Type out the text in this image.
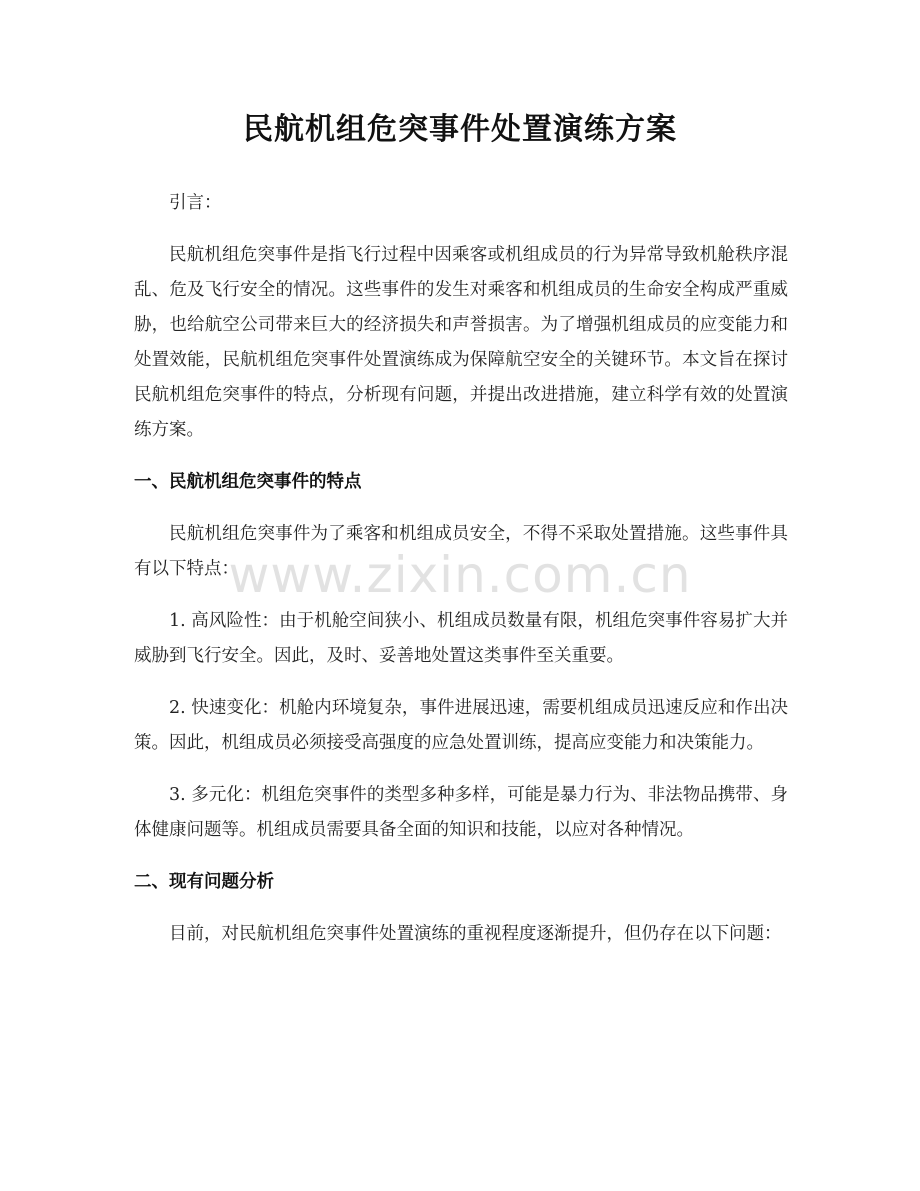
民航机组危突事件处置演练方案

引言：

民航机组危突事件是指飞行过程中因乘客或机组成员的行为异常导致机舱秩序混乱、危及飞行安全的情况。这些事件的发生对乘客和机组成员的生命安全构成严重威胁，也给航空公司带来巨大的经济损失和声誉损害。为了增强机组成员的应变能力和处置效能，民航机组危突事件处置演练成为保障航空安全的关键环节。本文旨在探讨民航机组危突事件的特点，分析现有问题，并提出改进措施，建立科学有效的处置演练方案。

一、民航机组危突事件的特点

民航机组危突事件为了乘客和机组成员安全，不得不采取处置措施。这些事件具有以下特点：

1. 高风险性：由于机舱空间狭小、机组成员数量有限，机组危突事件容易扩大并威胁到飞行安全。因此，及时、妥善地处置这类事件至关重要。

2. 快速变化：机舱内环境复杂，事件进展迅速，需要机组成员迅速反应和作出决策。因此，机组成员必须接受高强度的应急处置训练，提高应变能力和决策能力。

3. 多元化：机组危突事件的类型多种多样，可能是暴力行为、非法物品携带、身体健康问题等。机组成员需要具备全面的知识和技能，以应对各种情况。

二、现有问题分析

目前，对民航机组危突事件处置演练的重视程度逐渐提升，但仍存在以下问题：

www.zixin.com.cn
